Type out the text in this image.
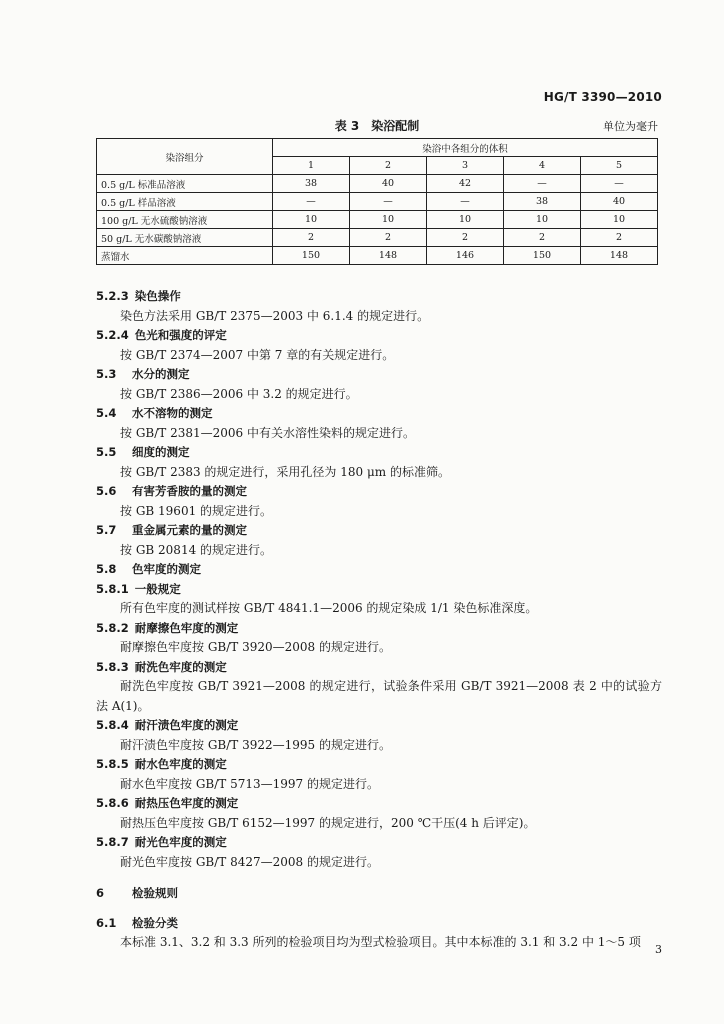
HG/T 3390—2010
表 3　染浴配制	单位为毫升
染浴组分	染浴中各组分的体积				
	1	2	3	4	5
0.5 g/L 标准品溶液	38	40	42	—	—
0.5 g/L 样品溶液	—	—	—	38	40
100 g/L 无水硫酸钠溶液	10	10	10	10	10
50 g/L 无水碳酸钠溶液	2	2	2	2	2
蒸馏水	150	148	146	150	148
5.2.3 染色操作
染色方法采用 GB/T 2375—2003 中 6.1.4 的规定进行。
5.2.4 色光和强度的评定
按 GB/T 2374—2007 中第 7 章的有关规定进行。
5.3 水分的测定
按 GB/T 2386—2006 中 3.2 的规定进行。
5.4 水不溶物的测定
按 GB/T 2381—2006 中有关水溶性染料的规定进行。
5.5 细度的测定
按 GB/T 2383 的规定进行，采用孔径为 180 μm 的标准筛。
5.6 有害芳香胺的量的测定
按 GB 19601 的规定进行。
5.7 重金属元素的量的测定
按 GB 20814 的规定进行。
5.8 色牢度的测定
5.8.1 一般规定
所有色牢度的测试样按 GB/T 4841.1—2006 的规定染成 1/1 染色标准深度。
5.8.2 耐摩擦色牢度的测定
耐摩擦色牢度按 GB/T 3920—2008 的规定进行。
5.8.3 耐洗色牢度的测定
耐洗色牢度按 GB/T 3921—2008 的规定进行，试验条件采用 GB/T 3921—2008 表 2 中的试验方法 A(1)。
5.8.4 耐汗渍色牢度的测定
耐汗渍色牢度按 GB/T 3922—1995 的规定进行。
5.8.5 耐水色牢度的测定
耐水色牢度按 GB/T 5713—1997 的规定进行。
5.8.6 耐热压色牢度的测定
耐热压色牢度按 GB/T 6152—1997 的规定进行，200 ℃干压(4 h 后评定)。
5.8.7 耐光色牢度的测定
耐光色牢度按 GB/T 8427—2008 的规定进行。
6 检验规则
6.1 检验分类
本标准 3.1、3.2 和 3.3 所列的检验项目均为型式检验项目。其中本标准的 3.1 和 3.2 中 1～5 项
3
